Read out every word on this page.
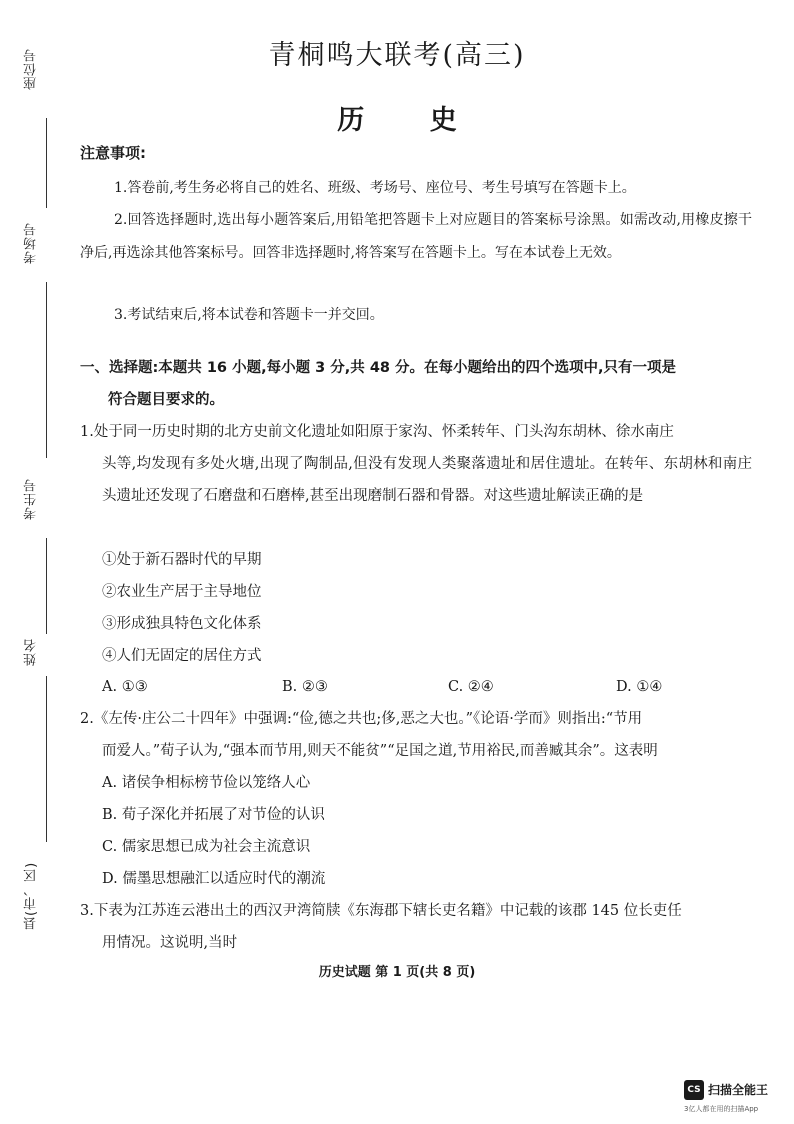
座位号
考场号
考生号
姓名
县(市、区)
青桐鸣大联考(高三)
历 史
注意事项:
1.答卷前,考生务必将自己的姓名、班级、考场号、座位号、考生号填写在答题卡上。
2.回答选择题时,选出每小题答案后,用铅笔把答题卡上对应题目的答案标号涂黑。如需改动,用橡皮擦干净后,再选涂其他答案标号。回答非选择题时,将答案写在答题卡上。写在本试卷上无效。
3.考试结束后,将本试卷和答题卡一并交回。
一、选择题:本题共 16 小题,每小题 3 分,共 48 分。在每小题给出的四个选项中,只有一项是
符合题目要求的。
1.处于同一历史时期的北方史前文化遗址如阳原于家沟、怀柔转年、门头沟东胡林、徐水南庄
头等,均发现有多处火塘,出现了陶制品,但没有发现人类聚落遗址和居住遗址。在转年、东胡林和南庄头遗址还发现了石磨盘和石磨棒,甚至出现磨制石器和骨器。对这些遗址解读正确的是
①处于新石器时代的早期
②农业生产居于主导地位
③形成独具特色文化体系
④人们无固定的居住方式
A. ①③	B. ②③	C. ②④	D. ①④
2.《左传·庄公二十四年》中强调:“俭,德之共也;侈,恶之大也。”《论语·学而》则指出:“节用
而爱人。”荀子认为,“强本而节用,则天不能贫”“足国之道,节用裕民,而善臧其余”。这表明
A. 诸侯争相标榜节俭以笼络人心
B. 荀子深化并拓展了对节俭的认识
C. 儒家思想已成为社会主流意识
D. 儒墨思想融汇以适应时代的潮流
3.下表为江苏连云港出土的西汉尹湾简牍《东海郡下辖长吏名籍》中记载的该郡 145 位长吏任
用情况。这说明,当时
历史试题 第 1 页(共 8 页)
CS 扫描全能王
3亿人都在用的扫描App
